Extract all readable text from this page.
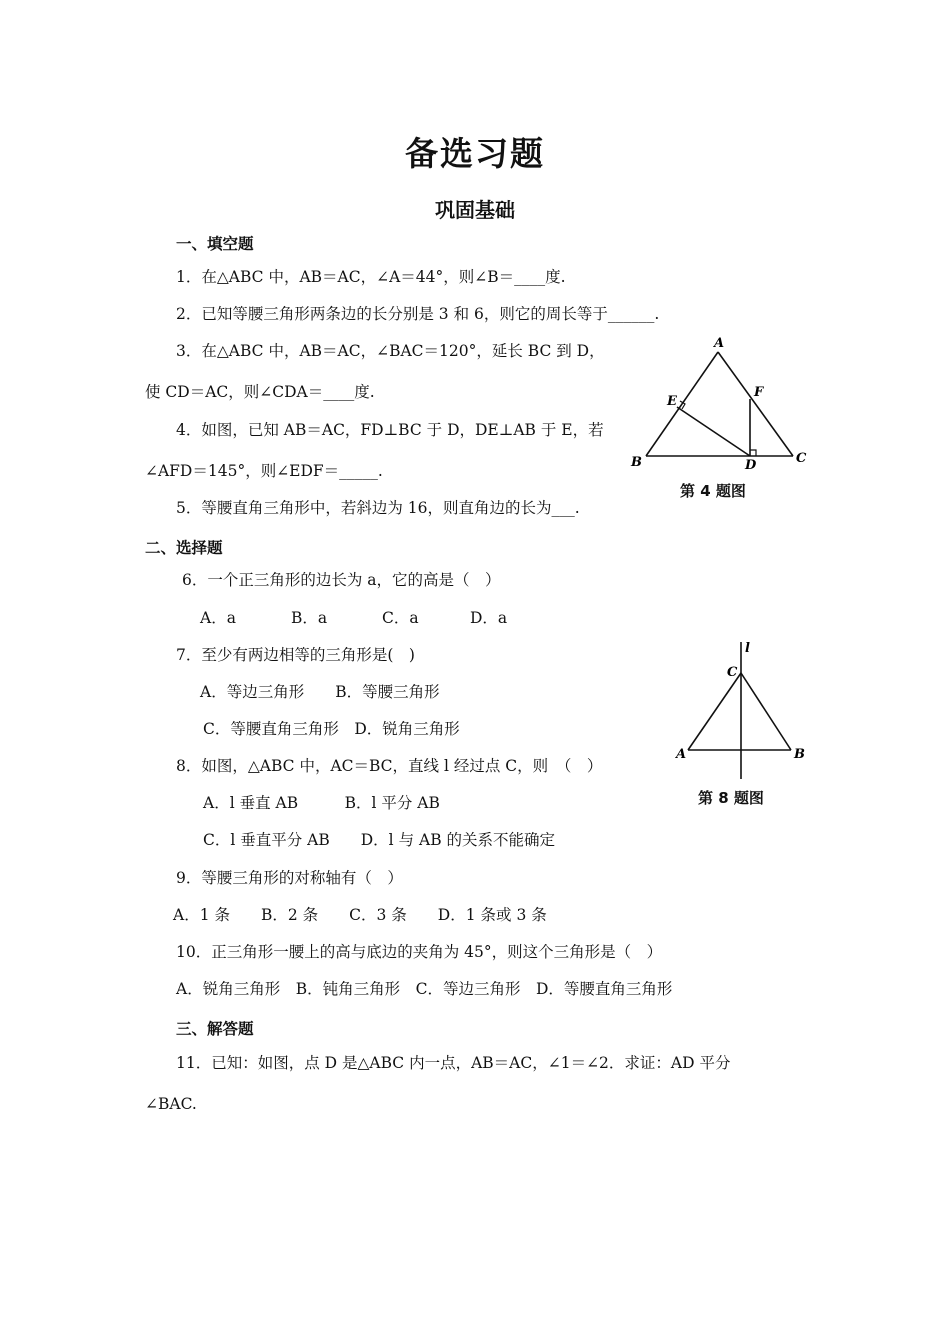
备选习题
巩固基础
一、填空题
1．在△ABC 中，AB＝AC，∠A＝44°，则∠B＝____度.
2．已知等腰三角形两条边的长分别是 3 和 6，则它的周长等于______.
3．在△ABC 中，AB＝AC，∠BAC＝120°，延长 BC 到 D，
使 CD＝AC，则∠CDA＝____度.
4．如图，已知 AB＝AC，FD⊥BC 于 D，DE⊥AB 于 E，若
∠AFD＝145°，则∠EDF＝_____.
5．等腰直角三角形中，若斜边为 16，则直角边的长为___.
A
B	C
D
E
F
第 4 题图
二、选择题
6．一个正三角形的边长为 a，它的高是（　）
A．a	B．a	C．a	D．a
7．至少有两边相等的三角形是(　)
A．等边三角形　　B．等腰三角形
C．等腰直角三角形　D．锐角三角形
8．如图，△ABC 中，AC＝BC，直线 l 经过点 C，则　（　）
A．l 垂直 AB　　　B．l 平分 AB
C．l 垂直平分 AB　　D．l 与 AB 的关系不能确定
l
C
A	B
第 8 题图
9．等腰三角形的对称轴有（　）
A．1 条　　B．2 条　　C．3 条　　D．1 条或 3 条
10．正三角形一腰上的高与底边的夹角为 45°，则这个三角形是（　）
A．锐角三角形　B．钝角三角形　C．等边三角形　D．等腰直角三角形
三、解答题
11．已知：如图，点 D 是△ABC 内一点，AB＝AC，∠1＝∠2．求证：AD 平分
∠BAC.
